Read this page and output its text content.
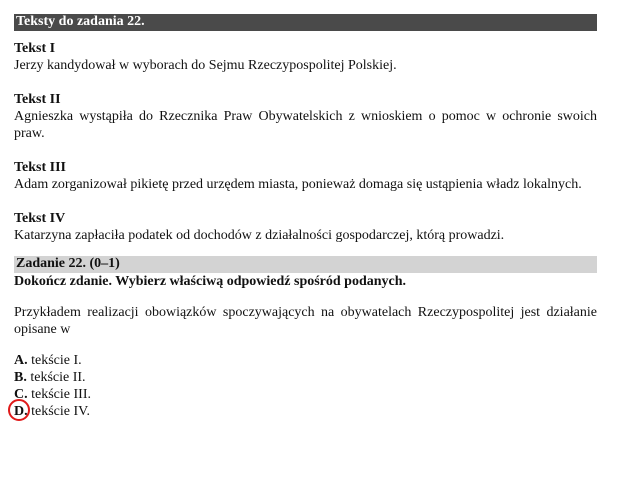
Teksty do zadania 22.
Tekst I
Jerzy kandydował w wyborach do Sejmu Rzeczypospolitej Polskiej.
Tekst II
Agnieszka wystąpiła do Rzecznika Praw Obywatelskich z wnioskiem o pomoc w ochronie swoich praw.
Tekst III
Adam zorganizował pikietę przed urzędem miasta, ponieważ domaga się ustąpienia władz lokalnych.
Tekst IV
Katarzyna zapłaciła podatek od dochodów z działalności gospodarczej, którą prowadzi.
Zadanie 22. (0–1)
Dokończ zdanie. Wybierz właściwą odpowiedź spośród podanych.
Przykładem realizacji obowiązków spoczywających na obywatelach Rzeczypospolitej jest działanie opisane w
A. tekście I.
B. tekście II.
C. tekście III.
D. tekście IV.
